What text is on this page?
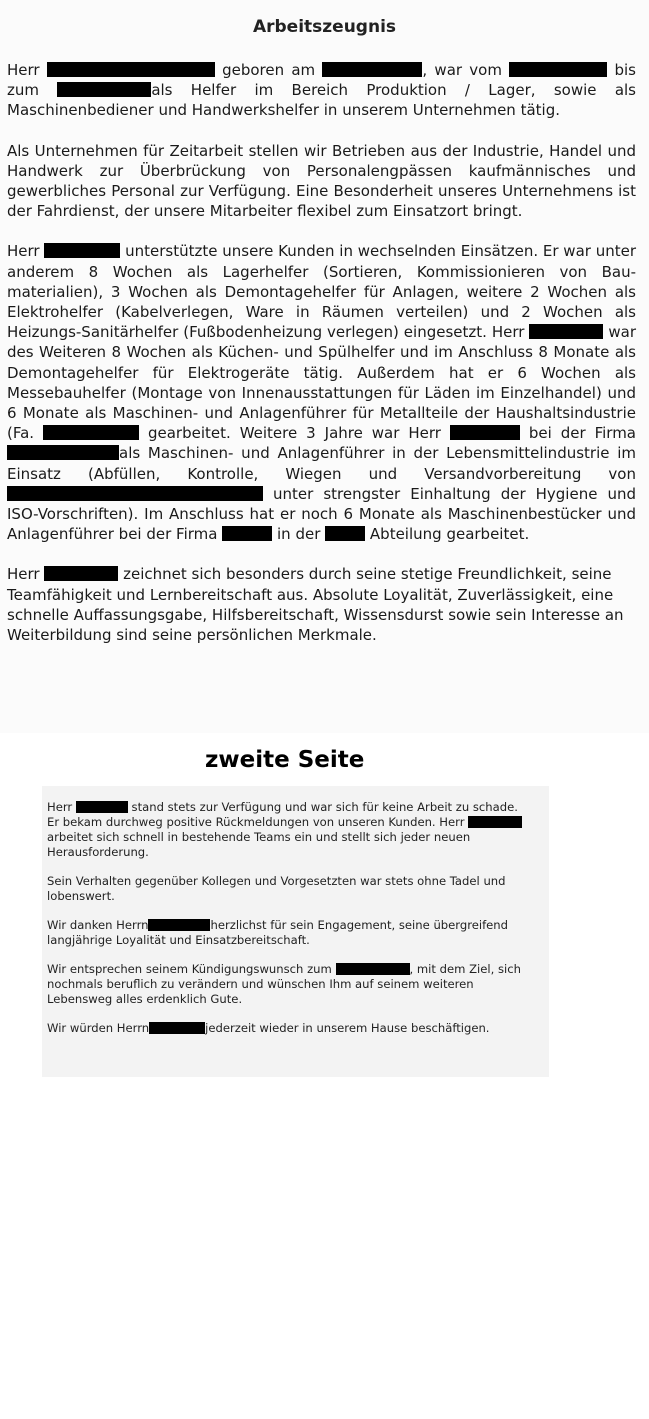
Arbeitszeugnis

Herr	geboren am	, war vom	bis zum	als Helfer im Bereich Produktion / Lager, sowie als Maschinenbediener und Handwerkshelfer in unserem Unternehmen tätig.

Als Unternehmen für Zeitarbeit stellen wir Betrieben aus der Industrie, Handel und Handwerk zur Überbrückung von Personalengpässen kaufmännisches und gewerbliches Personal zur Verfügung. Eine Besonderheit unseres Unternehmens ist der Fahrdienst, der unsere Mitarbeiter flexibel zum Einsatzort bringt.

Herr	unterstützte unsere Kunden in wechselnden Einsätzen. Er war unter anderem 8 Wochen als Lagerhelfer (Sortieren, Kommissionieren von Bau-materialien), 3 Wochen als Demontagehelfer für Anlagen, weitere 2 Wochen als Elektrohelfer (Kabelverlegen, Ware in Räumen verteilen) und 2 Wochen als Heizungs-Sanitärhelfer (Fußbodenheizung verlegen) eingesetzt. Herr	war des Weiteren 8 Wochen als Küchen- und Spülhelfer und im Anschluss 8 Monate als Demontagehelfer für Elektrogeräte tätig. Außerdem hat er 6 Wochen als Messebauhelfer (Montage von Innenausstattungen für Läden im Einzelhandel) und 6 Monate als Maschinen- und Anlagenführer für Metallteile der Haushaltsindustrie (Fa.	gearbeitet. Weitere 3 Jahre war Herr	bei der Firma als Maschinen- und Anlagenführer in der Lebensmittelindustrie im Einsatz (Abfüllen, Kontrolle, Wiegen und Versandvorbereitung von  unter strengster Einhaltung der Hygiene und ISO-Vorschriften). Im Anschluss hat er noch 6 Monate als Maschinenbestücker und Anlagenführer bei der Firma	in der	Abteilung gearbeitet.

Herr	zeichnet sich besonders durch seine stetige Freundlichkeit, seine Teamfähigkeit und Lernbereitschaft aus. Absolute Loyalität, Zuverlässigkeit, eine schnelle Auffassungsgabe, Hilfsbereitschaft, Wissensdurst sowie sein Interesse an Weiterbildung sind seine persönlichen Merkmale.

zweite Seite

Herr	stand stets zur Verfügung und war sich für keine Arbeit zu schade. Er bekam durchweg positive Rückmeldungen von unseren Kunden. Herr  arbeitet sich schnell in bestehende Teams ein und stellt sich jeder neuen Herausforderung.

Sein Verhalten gegenüber Kollegen und Vorgesetzten war stets ohne Tadel und lobenswert.

Wir danken Herrn	herzlichst für sein Engagement, seine übergreifend langjährige Loyalität und Einsatzbereitschaft.

Wir entsprechen seinem Kündigungswunsch zum	, mit dem Ziel, sich nochmals beruflich zu verändern und wünschen Ihm auf seinem weiteren Lebensweg alles erdenklich Gute.

Wir würden Herrn	jederzeit wieder in unserem Hause beschäftigen.
